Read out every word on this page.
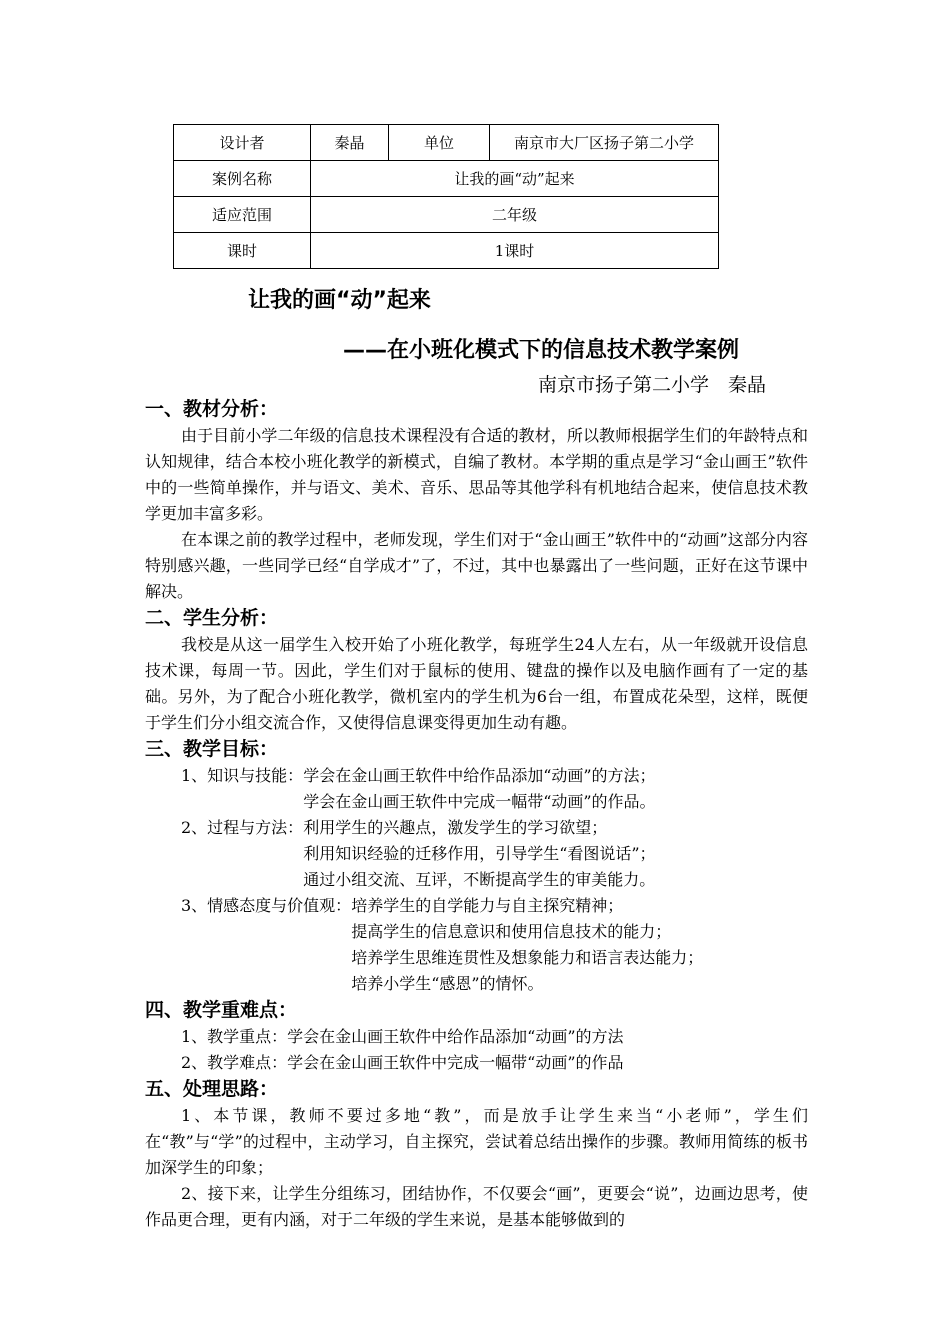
设计者	秦晶	单位	南京市大厂区扬子第二小学
案例名称	让我的画“动”起来		
适应范围	二年级		
课时	1课时		
让我的画“动”起来
——在小班化模式下的信息技术教学案例
南京市扬子第二小学　秦晶
一、教材分析：

由于目前小学二年级的信息技术课程没有合适的教材，所以教师根据学生们的年龄特点和认知规律，结合本校小班化教学的新模式，自编了教材。本学期的重点是学习“金山画王”软件中的一些简单操作，并与语文、美术、音乐、思品等其他学科有机地结合起来，使信息技术教学更加丰富多彩。

在本课之前的教学过程中，老师发现，学生们对于“金山画王”软件中的“动画”这部分内容特别感兴趣，一些同学已经“自学成才”了，不过，其中也暴露出了一些问题，正好在这节课中解决。

二、学生分析：

我校是从这一届学生入校开始了小班化教学，每班学生24人左右，从一年级就开设信息技术课，每周一节。因此，学生们对于鼠标的使用、键盘的操作以及电脑作画有了一定的基础。另外，为了配合小班化教学，微机室内的学生机为6台一组，布置成花朵型，这样，既便于学生们分小组交流合作，又使得信息课变得更加生动有趣。

三、教学目标：
1、知识与技能： 学会在金山画王软件中给作品添加“动画”的方法；
学会在金山画王软件中完成一幅带“动画”的作品。
2、过程与方法： 利用学生的兴趣点，激发学生的学习欲望；
利用知识经验的迁移作用，引导学生“看图说话”；
通过小组交流、互评，不断提高学生的审美能力。
3、情感态度与价值观： 培养学生的自学能力与自主探究精神；
提高学生的信息意识和使用信息技术的能力；
培养学生思维连贯性及想象能力和语言表达能力；
培养小学生“感恩”的情怀。
四、教学重难点：
1、教学重点：学会在金山画王软件中给作品添加“动画”的方法
2、教学难点：学会在金山画王软件中完成一幅带“动画”的作品
五、处理思路：

1、本节课，教师不要过多地“教”，而是放手让学生来当“小老师”，学生们在“教”与“学”的过程中，主动学习，自主探究，尝试着总结出操作的步骤。教师用简练的板书加深学生的印象；

2、接下来，让学生分组练习，团结协作，不仅要会“画”，更要会“说”，边画边思考，使作品更合理，更有内涵，对于二年级的学生来说，是基本能够做到的
